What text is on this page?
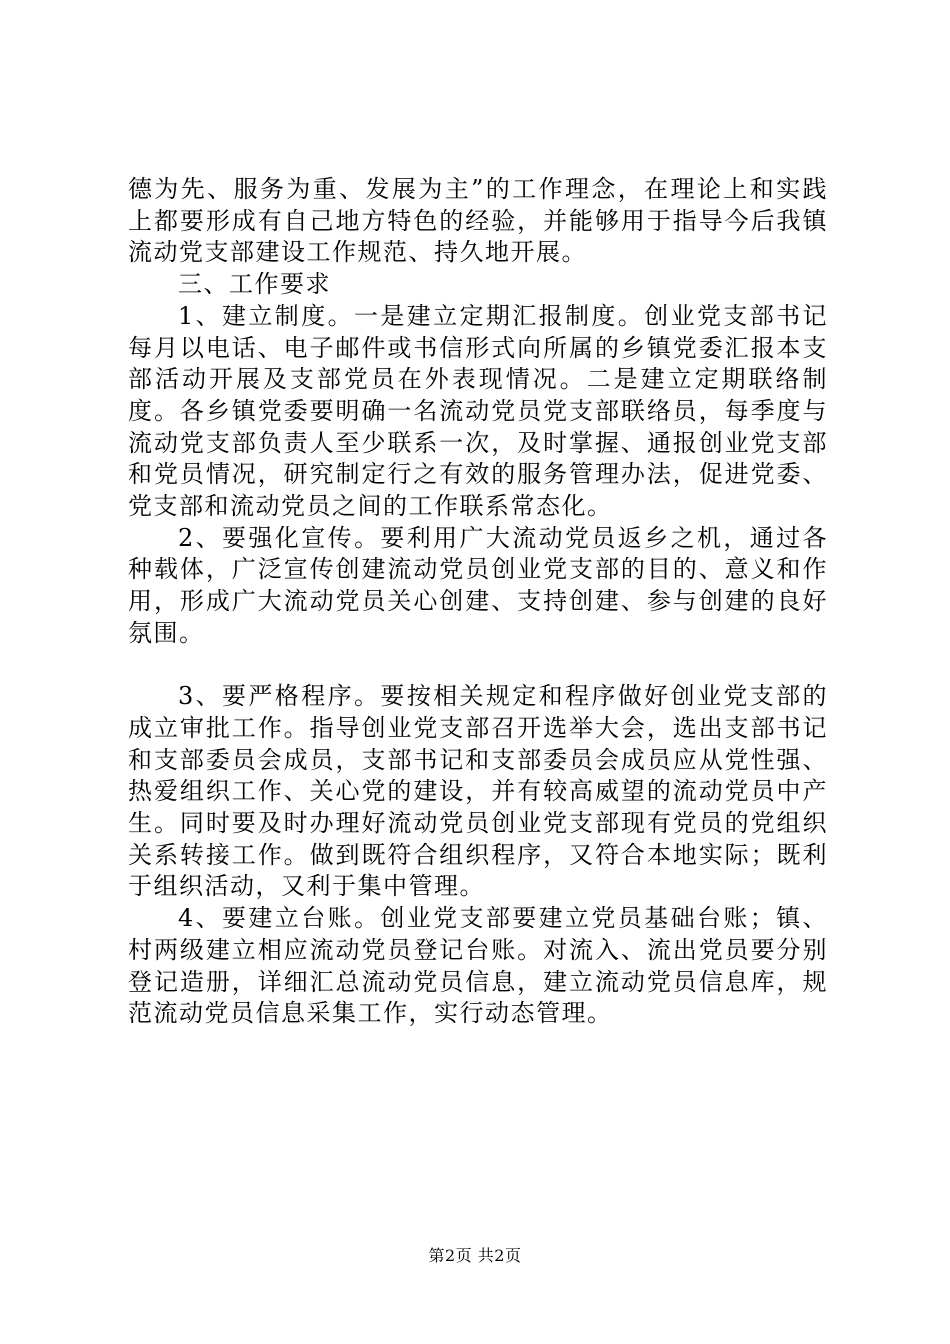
德为先、服务为重、发展为主”的工作理念，在理论上和实践上都要形成有自己地方特色的经验，并能够用于指导今后我镇流动党支部建设工作规范、持久地开展。

三、工作要求

1、建立制度。一是建立定期汇报制度。创业党支部书记每月以电话、电子邮件或书信形式向所属的乡镇党委汇报本支部活动开展及支部党员在外表现情况。二是建立定期联络制度。各乡镇党委要明确一名流动党员党支部联络员，每季度与流动党支部负责人至少联系一次，及时掌握、通报创业党支部和党员情况，研究制定行之有效的服务管理办法，促进党委、党支部和流动党员之间的工作联系常态化。

2、要强化宣传。要利用广大流动党员返乡之机，通过各种载体，广泛宣传创建流动党员创业党支部的目的、意义和作用，形成广大流动党员关心创建、支持创建、参与创建的良好氛围。

3、要严格程序。要按相关规定和程序做好创业党支部的成立审批工作。指导创业党支部召开选举大会，选出支部书记和支部委员会成员，支部书记和支部委员会成员应从党性强、热爱组织工作、关心党的建设，并有较高威望的流动党员中产生。同时要及时办理好流动党员创业党支部现有党员的党组织关系转接工作。做到既符合组织程序，又符合本地实际；既利于组织活动，又利于集中管理。

4、要建立台账。创业党支部要建立党员基础台账；镇、村两级建立相应流动党员登记台账。对流入、流出党员要分别登记造册，详细汇总流动党员信息，建立流动党员信息库，规范流动党员信息采集工作，实行动态管理。

第2页 共2页
